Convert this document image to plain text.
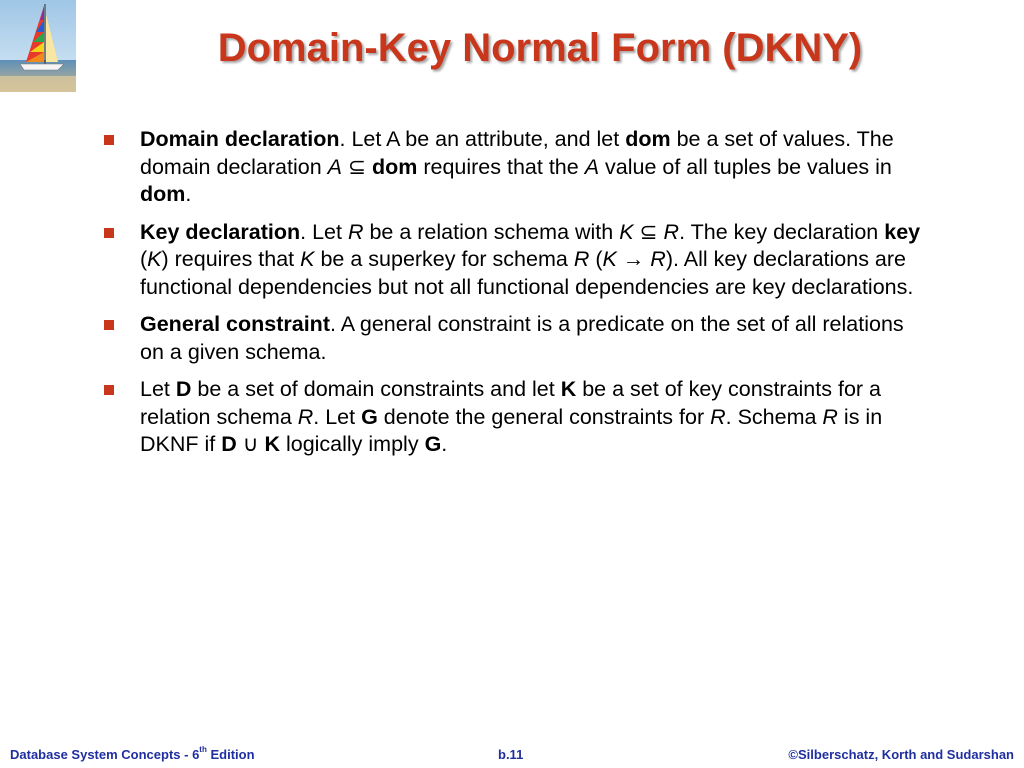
Domain-Key Normal Form (DKNY)
Domain declaration. Let A be an attribute, and let dom be a set of values. The domain declaration A ⊆ dom requires that the A value of all tuples be values in dom.
Key declaration. Let R be a relation schema with K ⊆ R. The key declaration key (K) requires that K be a superkey for schema R (K → R). All key declarations are functional dependencies but not all functional dependencies are key declarations.
General constraint. A general constraint is a predicate on the set of all relations on a given schema.
Let D be a set of domain constraints and let K be a set of key constraints for a relation schema R. Let G denote the general constraints for R. Schema R is in DKNF if D ∪ K logically imply G.
Database System Concepts - 6th Edition	b.11	©Silberschatz, Korth and Sudarshan
